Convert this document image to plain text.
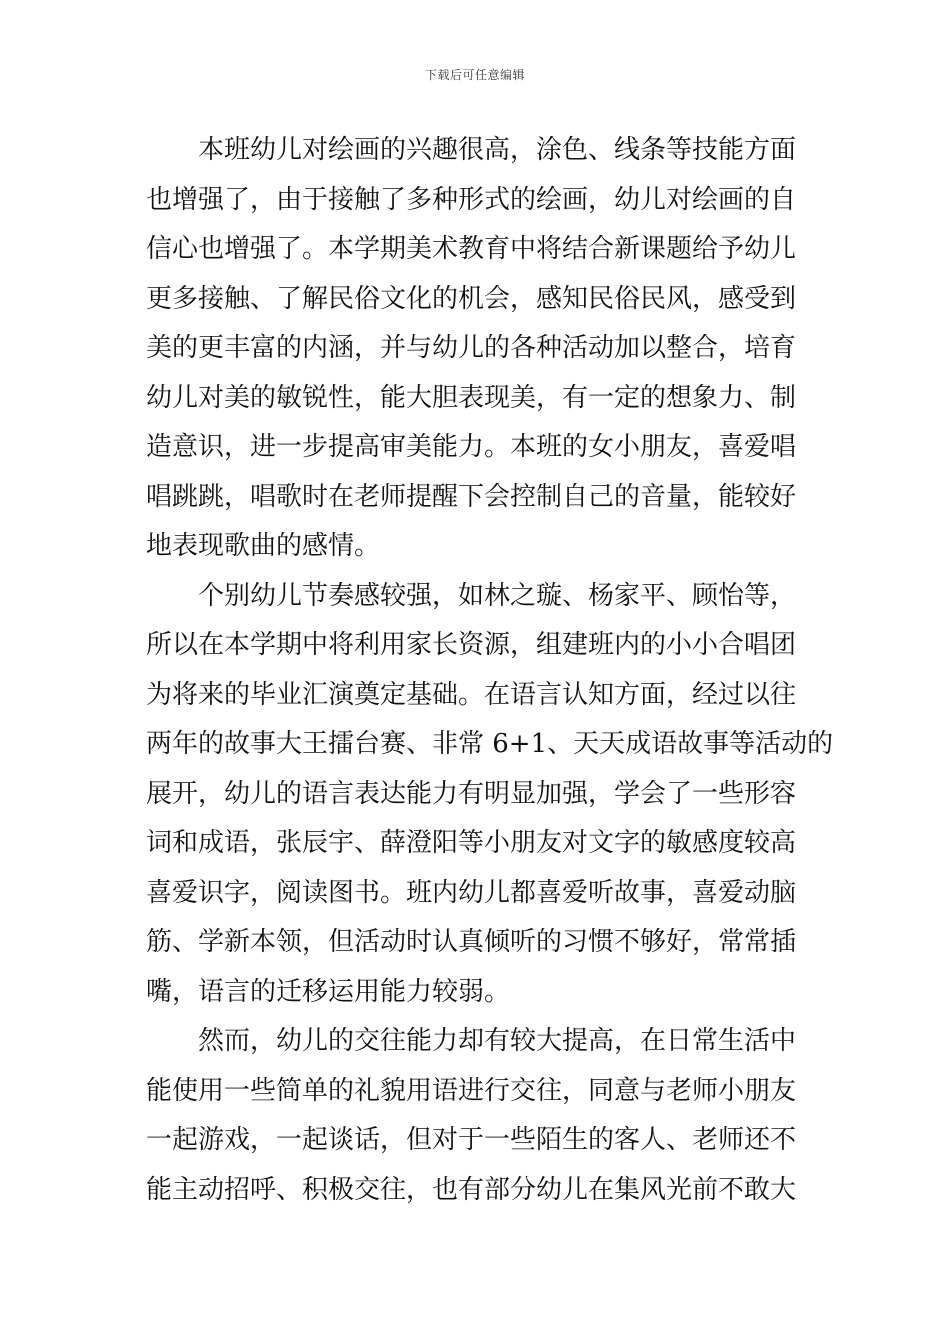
下载后可任意编辑
本班幼儿对绘画的兴趣很高，涂色、线条等技能方面
也增强了，由于接触了多种形式的绘画，幼儿对绘画的自
信心也增强了。本学期美术教育中将结合新课题给予幼儿
更多接触、了解民俗文化的机会，感知民俗民风，感受到
美的更丰富的内涵，并与幼儿的各种活动加以整合，培育
幼儿对美的敏锐性，能大胆表现美，有一定的想象力、制
造意识，进一步提高审美能力。本班的女小朋友，喜爱唱
唱跳跳，唱歌时在老师提醒下会控制自己的音量，能较好
地表现歌曲的感情。
个别幼儿节奏感较强，如林之璇、杨家平、顾怡等，
所以在本学期中将利用家长资源，组建班内的小小合唱团
为将来的毕业汇演奠定基础。在语言认知方面，经过以往
两年的故事大王擂台赛、非常 6+1、天天成语故事等活动的
展开，幼儿的语言表达能力有明显加强，学会了一些形容
词和成语，张辰宇、薛澄阳等小朋友对文字的敏感度较高
喜爱识字，阅读图书。班内幼儿都喜爱听故事，喜爱动脑
筋、学新本领，但活动时认真倾听的习惯不够好，常常插
嘴，语言的迁移运用能力较弱。
然而，幼儿的交往能力却有较大提高，在日常生活中
能使用一些简单的礼貌用语进行交往，同意与老师小朋友
一起游戏，一起谈话，但对于一些陌生的客人、老师还不
能主动招呼、积极交往，也有部分幼儿在集风光前不敢大
